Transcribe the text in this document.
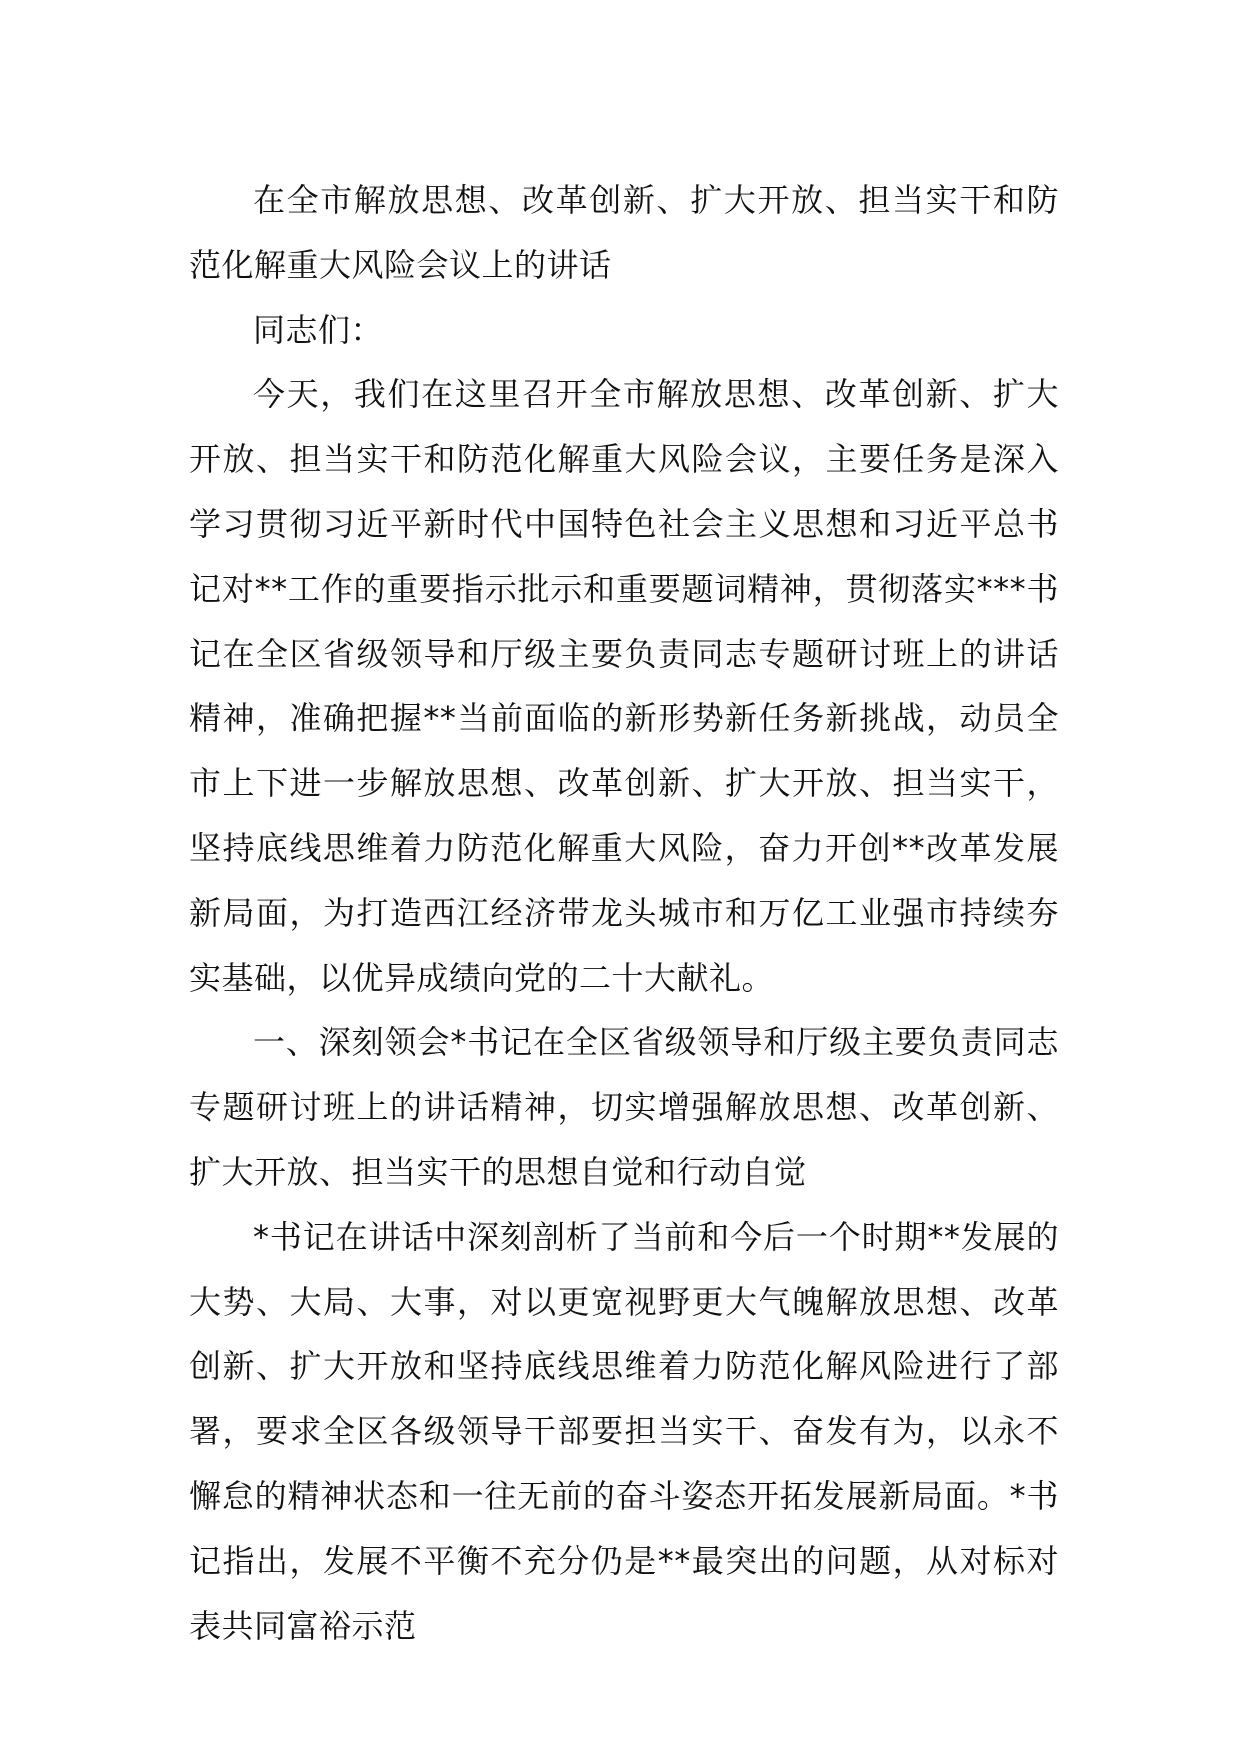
在全市解放思想、改革创新、扩大开放、担当实干和防范化解重大风险会议上的讲话

同志们：

今天，我们在这里召开全市解放思想、改革创新、扩大开放、担当实干和防范化解重大风险会议，主要任务是深入学习贯彻习近平新时代中国特色社会主义思想和习近平总书记对**工作的重要指示批示和重要题词精神，贯彻落实***书记在全区省级领导和厅级主要负责同志专题研讨班上的讲话精神，准确把握**当前面临的新形势新任务新挑战，动员全市上下进一步解放思想、改革创新、扩大开放、担当实干，坚持底线思维着力防范化解重大风险，奋力开创**改革发展新局面，为打造西江经济带龙头城市和万亿工业强市持续夯实基础，以优异成绩向党的二十大献礼。

一、深刻领会*书记在全区省级领导和厅级主要负责同志专题研讨班上的讲话精神，切实增强解放思想、改革创新、扩大开放、担当实干的思想自觉和行动自觉

*书记在讲话中深刻剖析了当前和今后一个时期**发展的大势、大局、大事，对以更宽视野更大气魄解放思想、改革创新、扩大开放和坚持底线思维着力防范化解风险进行了部署，要求全区各级领导干部要担当实干、奋发有为，以永不懈怠的精神状态和一往无前的奋斗姿态开拓发展新局面。*书记指出，发展不平衡不充分仍是**最突出的问题，从对标对表共同富裕示范
